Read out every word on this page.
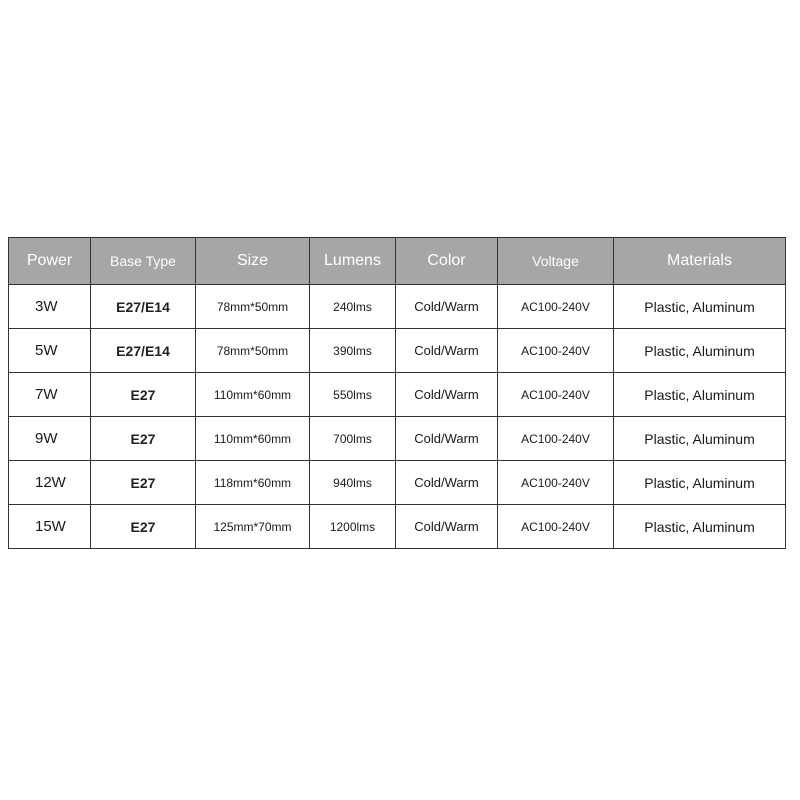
Power	Base Type	Size	Lumens	Color	Voltage	Materials
3W	E27/E14	78mm*50mm	240lms	Cold/Warm	AC100-240V	Plastic, Aluminum
5W	E27/E14	78mm*50mm	390lms	Cold/Warm	AC100-240V	Plastic, Aluminum
7W	E27	110mm*60mm	550lms	Cold/Warm	AC100-240V	Plastic, Aluminum
9W	E27	110mm*60mm	700lms	Cold/Warm	AC100-240V	Plastic, Aluminum
12W	E27	118mm*60mm	940lms	Cold/Warm	AC100-240V	Plastic, Aluminum
15W	E27	125mm*70mm	1200lms	Cold/Warm	AC100-240V	Plastic, Aluminum
